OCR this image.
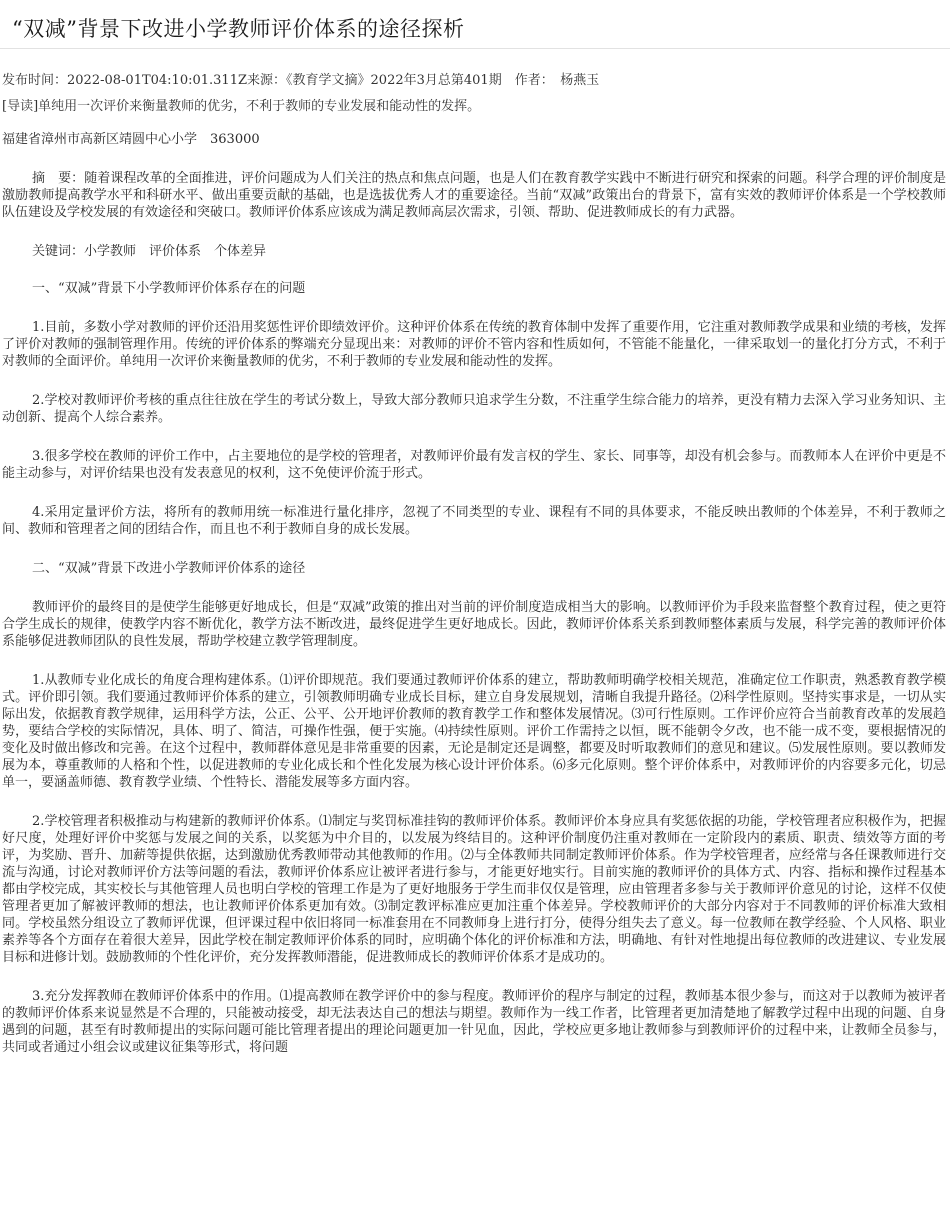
“双减”背景下改进小学教师评价体系的途径探析
发布时间：2022-08-01T04:10:01.311Z来源：《教育学文摘》2022年3月总第401期　 作者：　 杨燕玉
[导读]单纯用一次评价来衡量教师的优劣，不利于教师的专业发展和能动性的发挥。

福建省漳州市高新区靖圆中心小学　363000

摘　要：随着课程改革的全面推进，评价问题成为人们关注的热点和焦点问题，也是人们在教育教学实践中不断进行研究和探索的问题。科学合理的评价制度是激励教师提高教学水平和科研水平、做出重要贡献的基础，也是选拔优秀人才的重要途径。当前“双减”政策出台的背景下，富有实效的教师评价体系是一个学校教师队伍建设及学校发展的有效途径和突破口。教师评价体系应该成为满足教师高层次需求，引领、帮助、促进教师成长的有力武器。

关键词：小学教师　评价体系　个体差异

一、“双减”背景下小学教师评价体系存在的问题

1.目前，多数小学对教师的评价还沿用奖惩性评价即绩效评价。这种评价体系在传统的教育体制中发挥了重要作用，它注重对教师教学成果和业绩的考核，发挥了评价对教师的强制管理作用。传统的评价体系的弊端充分显现出来：对教师的评价不管内容和性质如何，不管能不能量化，一律采取划一的量化打分方式，不利于对教师的全面评价。单纯用一次评价来衡量教师的优劣，不利于教师的专业发展和能动性的发挥。

2.学校对教师评价考核的重点往往放在学生的考试分数上，导致大部分教师只追求学生分数，不注重学生综合能力的培养，更没有精力去深入学习业务知识、主动创新、提高个人综合素养。

3.很多学校在教师的评价工作中，占主要地位的是学校的管理者，对教师评价最有发言权的学生、家长、同事等，却没有机会参与。而教师本人在评价中更是不能主动参与，对评价结果也没有发表意见的权利，这不免使评价流于形式。

4.采用定量评价方法，将所有的教师用统一标准进行量化排序，忽视了不同类型的专业、课程有不同的具体要求，不能反映出教师的个体差异，不利于教师之间、教师和管理者之间的团结合作，而且也不利于教师自身的成长发展。

二、“双减”背景下改进小学教师评价体系的途径

教师评价的最终目的是使学生能够更好地成长，但是“双减”政策的推出对当前的评价制度造成相当大的影响。以教师评价为手段来监督整个教育过程，使之更符合学生成长的规律，使教学内容不断优化，教学方法不断改进，最终促进学生更好地成长。因此，教师评价体系关系到教师整体素质与发展，科学完善的教师评价体系能够促进教师团队的良性发展，帮助学校建立教学管理制度。

1.从教师专业化成长的角度合理构建体系。⑴评价即规范。我们要通过教师评价体系的建立，帮助教师明确学校相关规范，准确定位工作职责，熟悉教育教学模式。评价即引领。我们要通过教师评价体系的建立，引领教师明确专业成长目标，建立自身发展规划，清晰自我提升路径。⑵科学性原则。坚持实事求是，一切从实际出发，依据教育教学规律，运用科学方法，公正、公平、公开地评价教师的教育教学工作和整体发展情况。⑶可行性原则。工作评价应符合当前教育改革的发展趋势，要结合学校的实际情况，具体、明了、简洁，可操作性强，便于实施。⑷持续性原则。评价工作需持之以恒，既不能朝令夕改，也不能一成不变，要根据情况的变化及时做出修改和完善。在这个过程中，教师群体意见是非常重要的因素，无论是制定还是调整，都要及时听取教师们的意见和建议。⑸发展性原则。要以教师发展为本，尊重教师的人格和个性，以促进教师的专业化成长和个性化发展为核心设计评价体系。⑹多元化原则。整个评价体系中，对教师评价的内容要多元化，切忌单一，要涵盖师德、教育教学业绩、个性特长、潜能发展等多方面内容。

2.学校管理者积极推动与构建新的教师评价体系。⑴制定与奖罚标准挂钩的教师评价体系。教师评价本身应具有奖惩依据的功能，学校管理者应积极作为，把握好尺度，处理好评价中奖惩与发展之间的关系，以奖惩为中介目的，以发展为终结目的。这种评价制度仍注重对教师在一定阶段内的素质、职责、绩效等方面的考评，为奖励、晋升、加薪等提供依据，达到激励优秀教师带动其他教师的作用。⑵与全体教师共同制定教师评价体系。作为学校管理者，应经常与各任课教师进行交流与沟通，讨论对教师评价方法等问题的看法，教师评价体系应让被评者进行参与，才能更好地实行。目前实施的教师评价的具体方式、内容、指标和操作过程基本都由学校完成，其实校长与其他管理人员也明白学校的管理工作是为了更好地服务于学生而非仅仅是管理，应由管理者多参与关于教师评价意见的讨论，这样不仅使管理者更加了解被评教师的想法，也让教师评价体系更加有效。⑶制定教评标准应更加注重个体差异。学校教师评价的大部分内容对于不同教师的评价标准大致相同。学校虽然分组设立了教师评优课，但评课过程中依旧将同一标准套用在不同教师身上进行打分，使得分组失去了意义。每一位教师在教学经验、个人风格、职业素养等各个方面存在着很大差异，因此学校在制定教师评价体系的同时，应明确个体化的评价标准和方法，明确地、有针对性地提出每位教师的改进建议、专业发展目标和进修计划。鼓励教师的个性化评价，充分发挥教师潜能，促进教师成长的教师评价体系才是成功的。

3.充分发挥教师在教师评价体系中的作用。⑴提高教师在教学评价中的参与程度。教师评价的程序与制定的过程，教师基本很少参与，而这对于以教师为被评者的教师评价体系来说显然是不合理的，只能被动接受，却无法表达自己的想法与期望。教师作为一线工作者，比管理者更加清楚地了解教学过程中出现的问题、自身遇到的问题，甚至有时教师提出的实际问题可能比管理者提出的理论问题更加一针见血，因此，学校应更多地让教师参与到教师评价的过程中来，让教师全员参与，共同或者通过小组会议或建议征集等形式，将问题
